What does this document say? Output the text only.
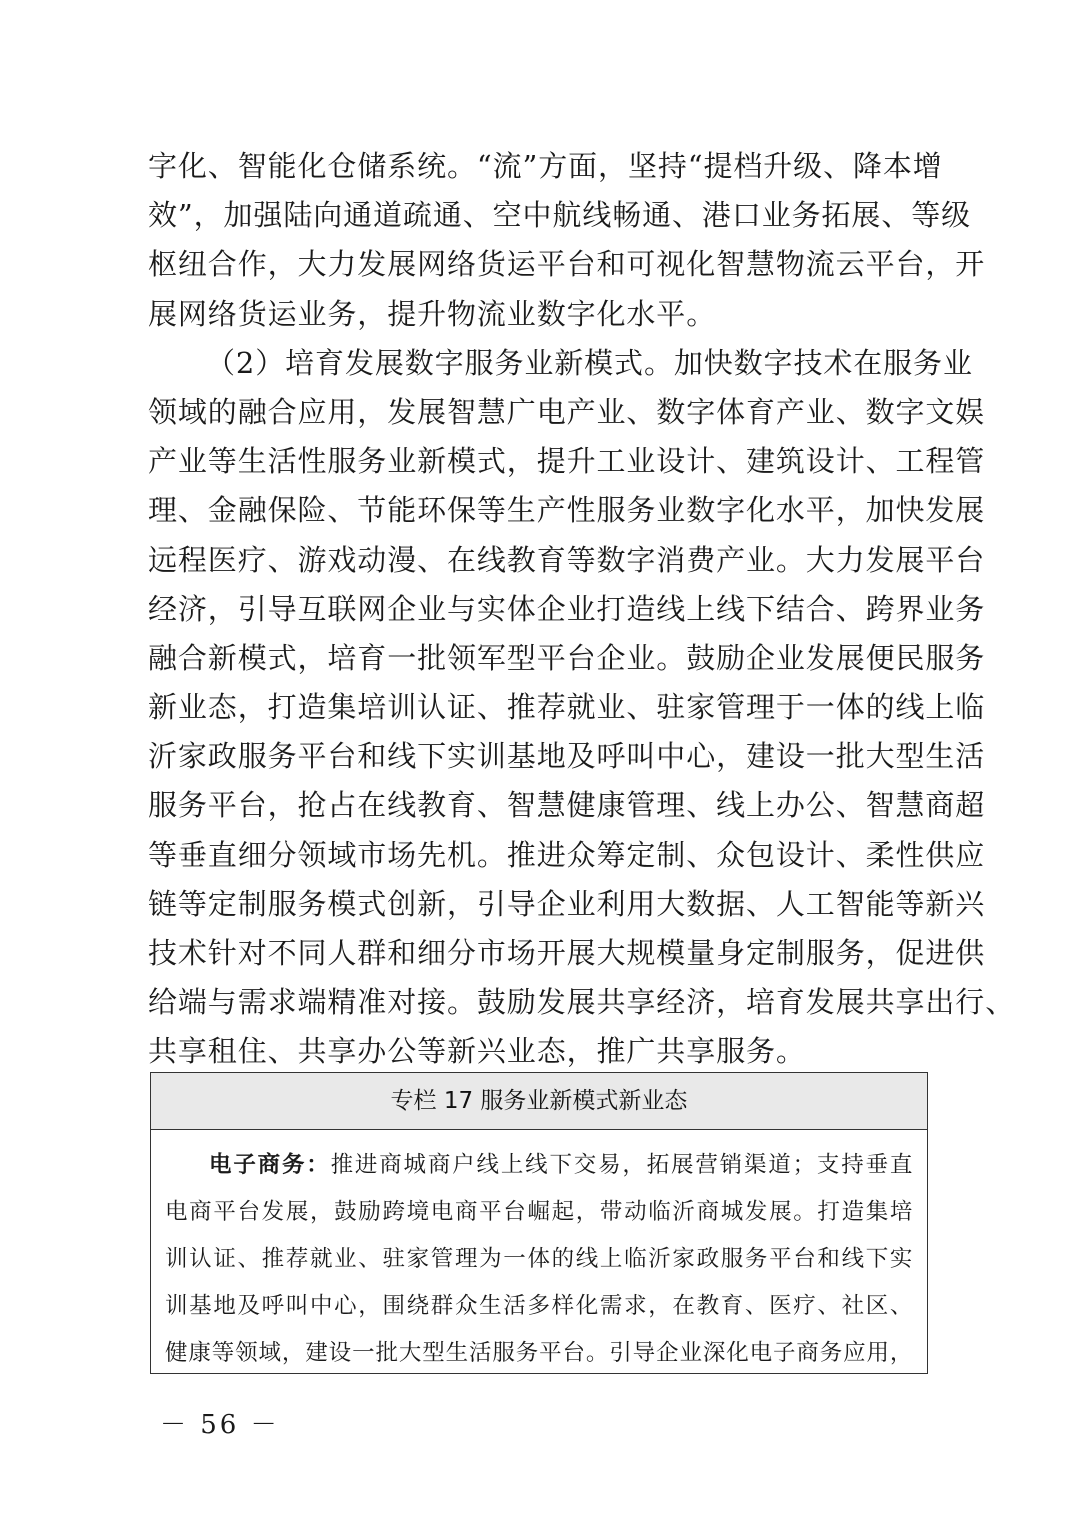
字化、智能化仓储系统。“流”方面，坚持“提档升级、降本增
效”，加强陆向通道疏通、空中航线畅通、港口业务拓展、等级
枢纽合作，大力发展网络货运平台和可视化智慧物流云平台，开
展网络货运业务，提升物流业数字化水平。
（2）培育发展数字服务业新模式。加快数字技术在服务业
领域的融合应用，发展智慧广电产业、数字体育产业、数字文娱
产业等生活性服务业新模式，提升工业设计、建筑设计、工程管
理、金融保险、节能环保等生产性服务业数字化水平，加快发展
远程医疗、游戏动漫、在线教育等数字消费产业。大力发展平台
经济，引导互联网企业与实体企业打造线上线下结合、跨界业务
融合新模式，培育一批领军型平台企业。鼓励企业发展便民服务
新业态，打造集培训认证、推荐就业、驻家管理于一体的线上临
沂家政服务平台和线下实训基地及呼叫中心，建设一批大型生活
服务平台，抢占在线教育、智慧健康管理、线上办公、智慧商超
等垂直细分领域市场先机。推进众筹定制、众包设计、柔性供应
链等定制服务模式创新，引导企业利用大数据、人工智能等新兴
技术针对不同人群和细分市场开展大规模量身定制服务，促进供
给端与需求端精准对接。鼓励发展共享经济，培育发展共享出行、
共享租住、共享办公等新兴业态，推广共享服务。
专栏 17 服务业新模式新业态
电子商务：推进商城商户线上线下交易，拓展营销渠道；支持垂直
电商平台发展，鼓励跨境电商平台崛起，带动临沂商城发展。打造集培
训认证、推荐就业、驻家管理为一体的线上临沂家政服务平台和线下实
训基地及呼叫中心，围绕群众生活多样化需求，在教育、医疗、社区、
健康等领域，建设一批大型生活服务平台。引导企业深化电子商务应用，
－ 56 －
